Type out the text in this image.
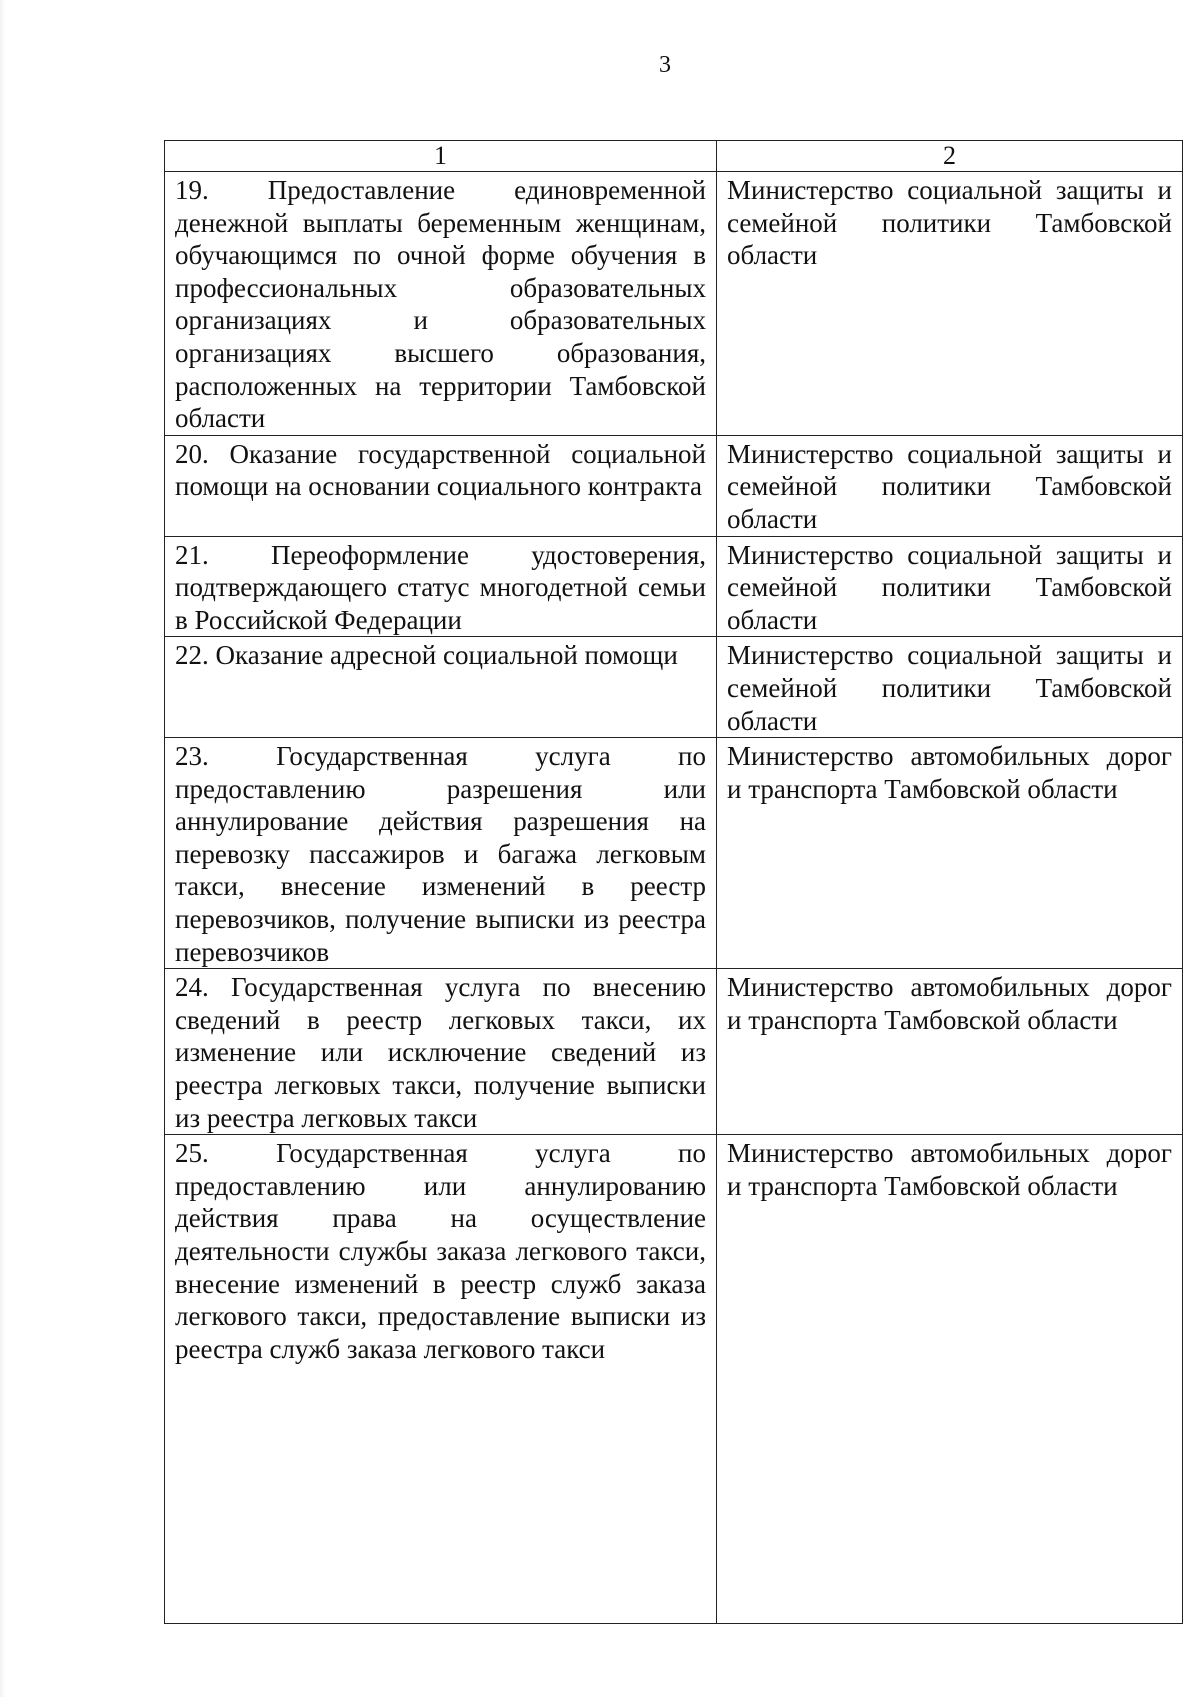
3
1	2
19. Предоставление единовременной денежной выплаты беременным женщинам, обучающимся по очной форме обучения в профессиональных образовательных организациях и образовательных организациях высшего образования, расположенных на территории Тамбовской области	Министерство социальной защиты и семейной политики Тамбовской области
20. Оказание государственной социальной помощи на основании социального контракта	Министерство социальной защиты и семейной политики Тамбовской области
21. Переоформление удостоверения, подтверждающего статус многодетной семьи в Российской Федерации	Министерство социальной защиты и семейной политики Тамбовской области
22. Оказание адресной социальной помощи	Министерство социальной защиты и семейной политики Тамбовской области
23. Государственная услуга по предоставлению разрешения или аннулирование действия разрешения на перевозку пассажиров и багажа легковым такси, внесение изменений в реестр перевозчиков, получение выписки из реестра перевозчиков	Министерство автомобильных дорог и транспорта Тамбовской области
24. Государственная услуга по внесению сведений в реестр легковых такси, их изменение или исключение сведений из реестра легковых такси, получение выписки из реестра легковых такси	Министерство автомобильных дорог и транспорта Тамбовской области
25. Государственная услуга по предоставлению или аннулированию действия права на осуществление деятельности службы заказа легкового такси, внесение изменений в реестр служб заказа легкового такси, предоставление выписки из реестра служб заказа легкового такси	Министерство автомобильных дорог и транспорта Тамбовской области
